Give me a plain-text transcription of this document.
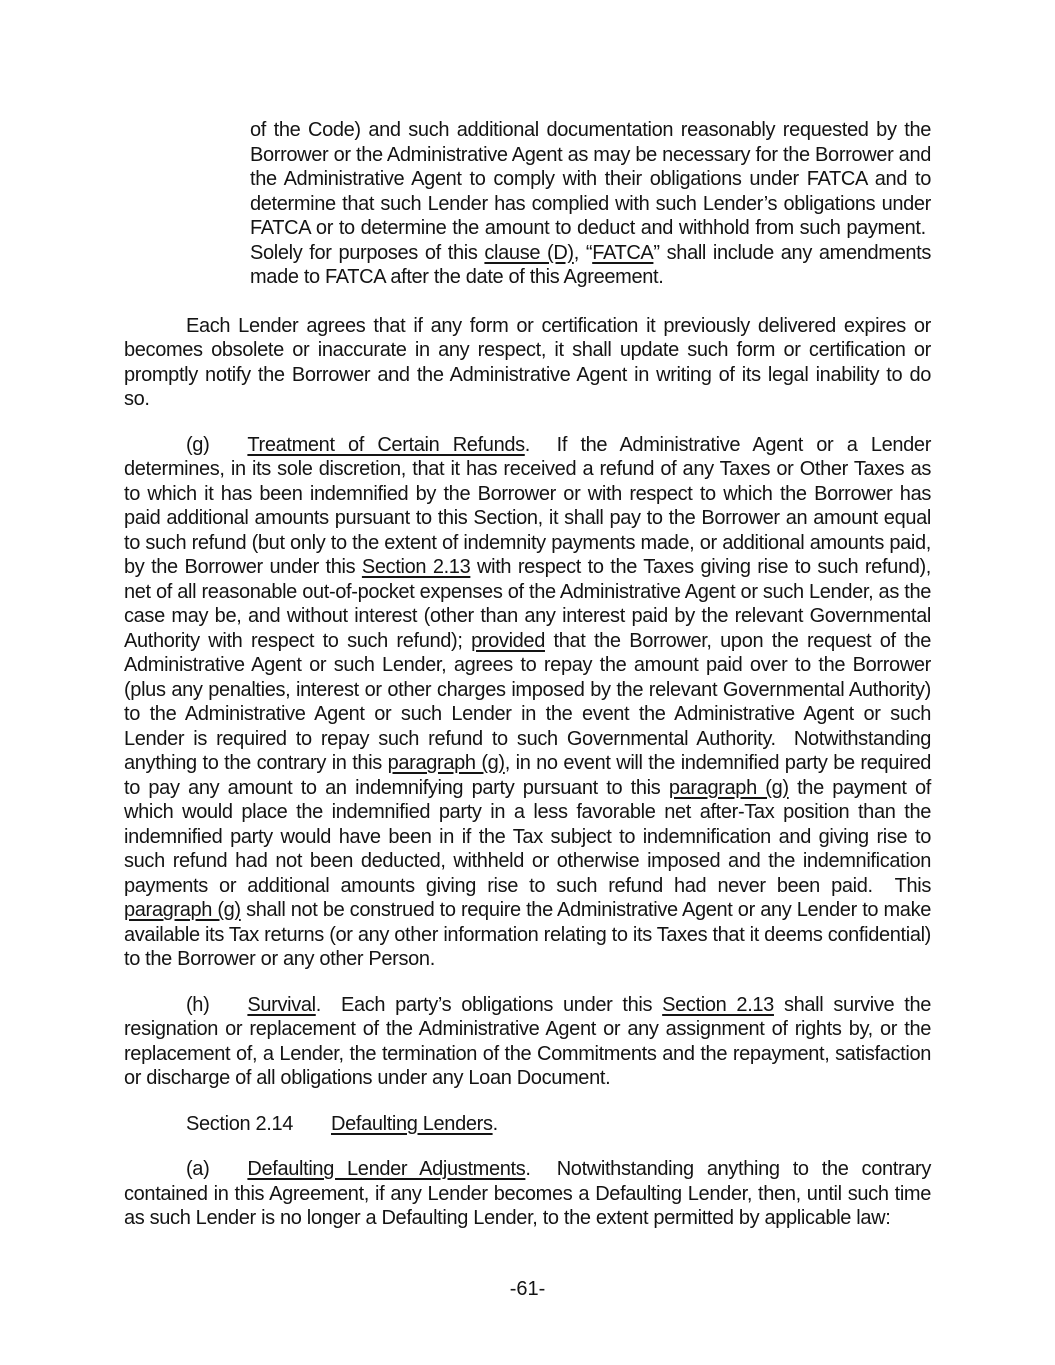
of the Code) and such additional documentation reasonably requested by the Borrower or the Administrative Agent as may be necessary for the Borrower and the Administrative Agent to comply with their obligations under FATCA and to determine that such Lender has complied with such Lender’s obligations under FATCA or to determine the amount to deduct and withhold from such payment.  Solely for purposes of this clause (D), “FATCA” shall include any amendments made to FATCA after the date of this Agreement.

Each Lender agrees that if any form or certification it previously delivered expires or becomes obsolete or inaccurate in any respect, it shall update such form or certification or promptly notify the Borrower and the Administrative Agent in writing of its legal inability to do so.

(g) Treatment of Certain Refunds.  If the Administrative Agent or a Lender determines, in its sole discretion, that it has received a refund of any Taxes or Other Taxes as to which it has been indemnified by the Borrower or with respect to which the Borrower has paid additional amounts pursuant to this Section, it shall pay to the Borrower an amount equal to such refund (but only to the extent of indemnity payments made, or additional amounts paid, by the Borrower under this Section 2.13 with respect to the Taxes giving rise to such refund), net of all reasonable out-of-pocket expenses of the Administrative Agent or such Lender, as the case may be, and without interest (other than any interest paid by the relevant Governmental Authority with respect to such refund); provided that the Borrower, upon the request of the Administrative Agent or such Lender, agrees to repay the amount paid over to the Borrower (plus any penalties, interest or other charges imposed by the relevant Governmental Authority) to the Administrative Agent or such Lender in the event the Administrative Agent or such Lender is required to repay such refund to such Governmental Authority.  Notwithstanding anything to the contrary in this paragraph (g), in no event will the indemnified party be required to pay any amount to an indemnifying party pursuant to this paragraph (g) the payment of which would place the indemnified party in a less favorable net after-Tax position than the indemnified party would have been in if the Tax subject to indemnification and giving rise to such refund had not been deducted, withheld or otherwise imposed and the indemnification payments or additional amounts giving rise to such refund had never been paid.  This paragraph (g) shall not be construed to require the Administrative Agent or any Lender to make available its Tax returns (or any other information relating to its Taxes that it deems confidential) to the Borrower or any other Person.

(h) Survival.  Each party’s obligations under this Section 2.13 shall survive the resignation or replacement of the Administrative Agent or any assignment of rights by, or the replacement of, a Lender, the termination of the Commitments and the repayment, satisfaction or discharge of all obligations under any Loan Document.

Section 2.14 Defaulting Lenders.

(a) Defaulting Lender Adjustments.  Notwithstanding anything to the contrary contained in this Agreement, if any Lender becomes a Defaulting Lender, then, until such time as such Lender is no longer a Defaulting Lender, to the extent permitted by applicable law:

-61-
